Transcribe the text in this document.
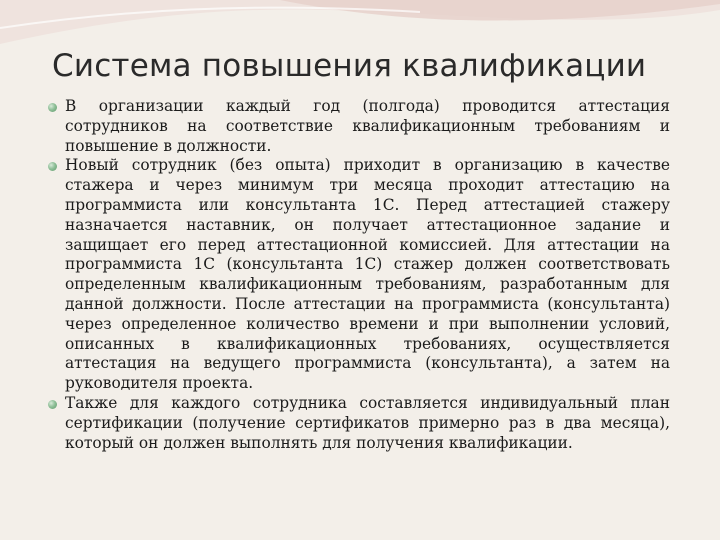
Система повышения квалификации
В организации каждый год (полгода) проводится аттестация сотрудников на соответствие квалификационным требованиям и повышение в должности.
Новый сотрудник (без опыта) приходит в организацию в качестве стажера и через минимум три месяца проходит аттестацию на программиста или консультанта 1С. Перед аттестацией стажеру назначается наставник, он получает аттестационное задание и защищает его перед аттестационной комиссией. Для аттестации на программиста 1С (консультанта 1С) стажер должен соответствовать определенным квалификационным требованиям, разработанным для данной должности. После аттестации на программиста (консультанта) через определенное количество времени и при выполнении условий, описанных в квалификационных требованиях, осуществляется аттестация на ведущего программиста (консультанта), а затем на руководителя проекта.
Также для каждого сотрудника составляется индивидуальный план сертификации (получение сертификатов примерно раз в два месяца), который он должен выполнять для получения квалификации.
